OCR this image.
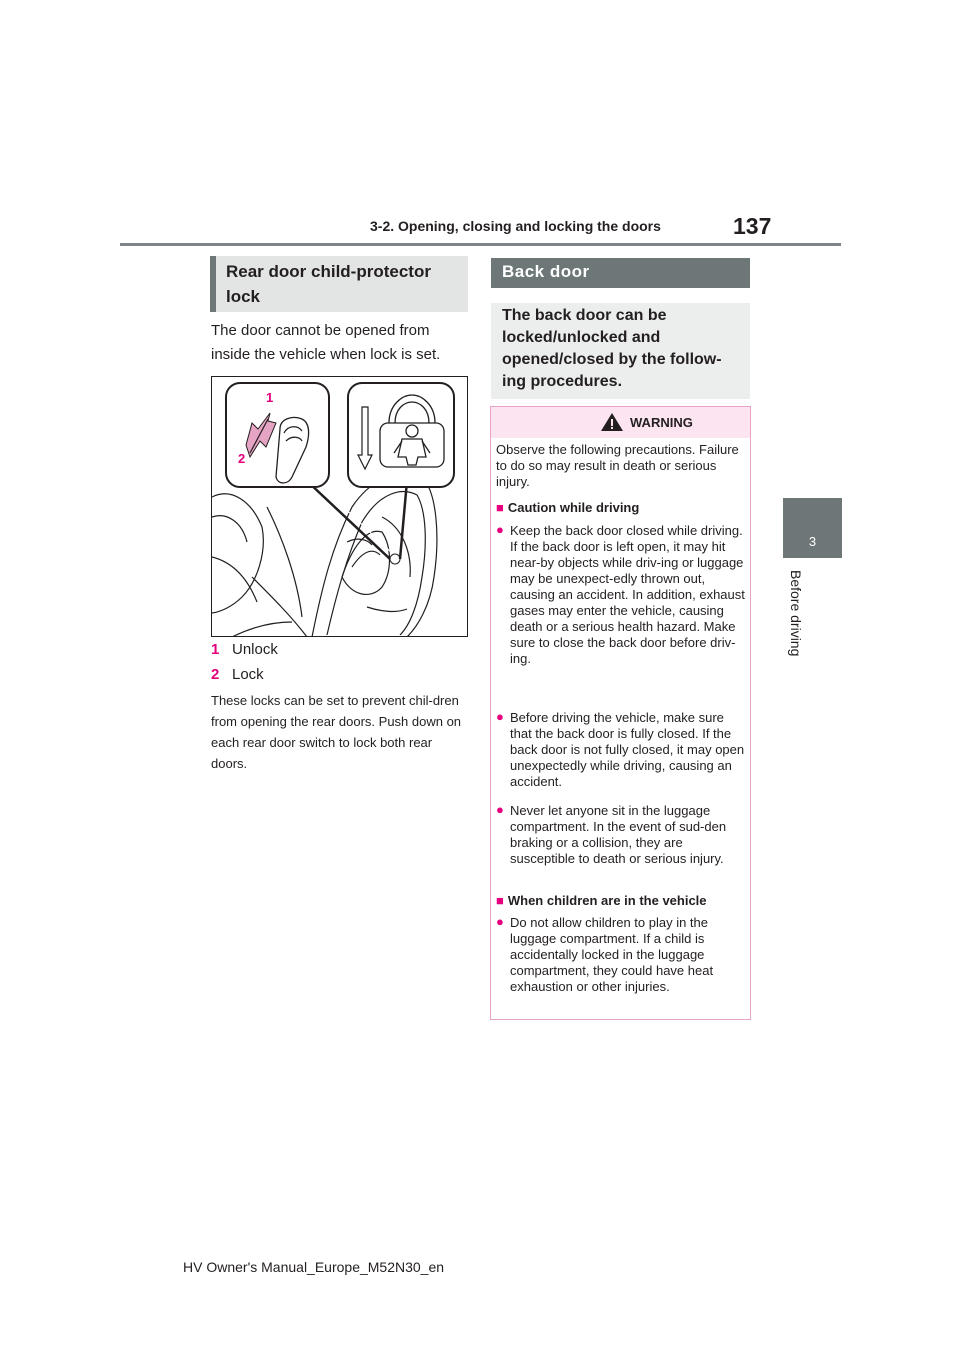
3-2. Opening, closing and locking the doors	137
3
Before driving
Rear door child-protector lock
The door cannot be opened from inside the vehicle when lock is set.
1
2
1 Unlock
2 Lock
These locks can be set to prevent chil-dren from opening the rear doors. Push down on each rear door switch to lock both rear doors.
Back door
The back door can be locked/unlocked and opened/closed by the follow-ing procedures.
WARNING
Observe the following precautions. Failure to do so may result in death or serious injury.
■ Caution while driving
● Keep the back door closed while driving. If the back door is left open, it may hit near-by objects while driv-ing or luggage may be unexpect-edly thrown out, causing an accident. In addition, exhaust gases may enter the vehicle, causing death or a serious health hazard. Make sure to close the back door before driv-ing.
● Before driving the vehicle, make sure that the back door is fully closed. If the back door is not fully closed, it may open unexpectedly while driving, causing an accident.
● Never let anyone sit in the luggage compartment. In the event of sud-den braking or a collision, they are susceptible to death or serious injury.
■ When children are in the vehicle
● Do not allow children to play in the luggage compartment. If a child is accidentally locked in the luggage compartment, they could have heat exhaustion or other injuries.
HV Owner's Manual_Europe_M52N30_en
